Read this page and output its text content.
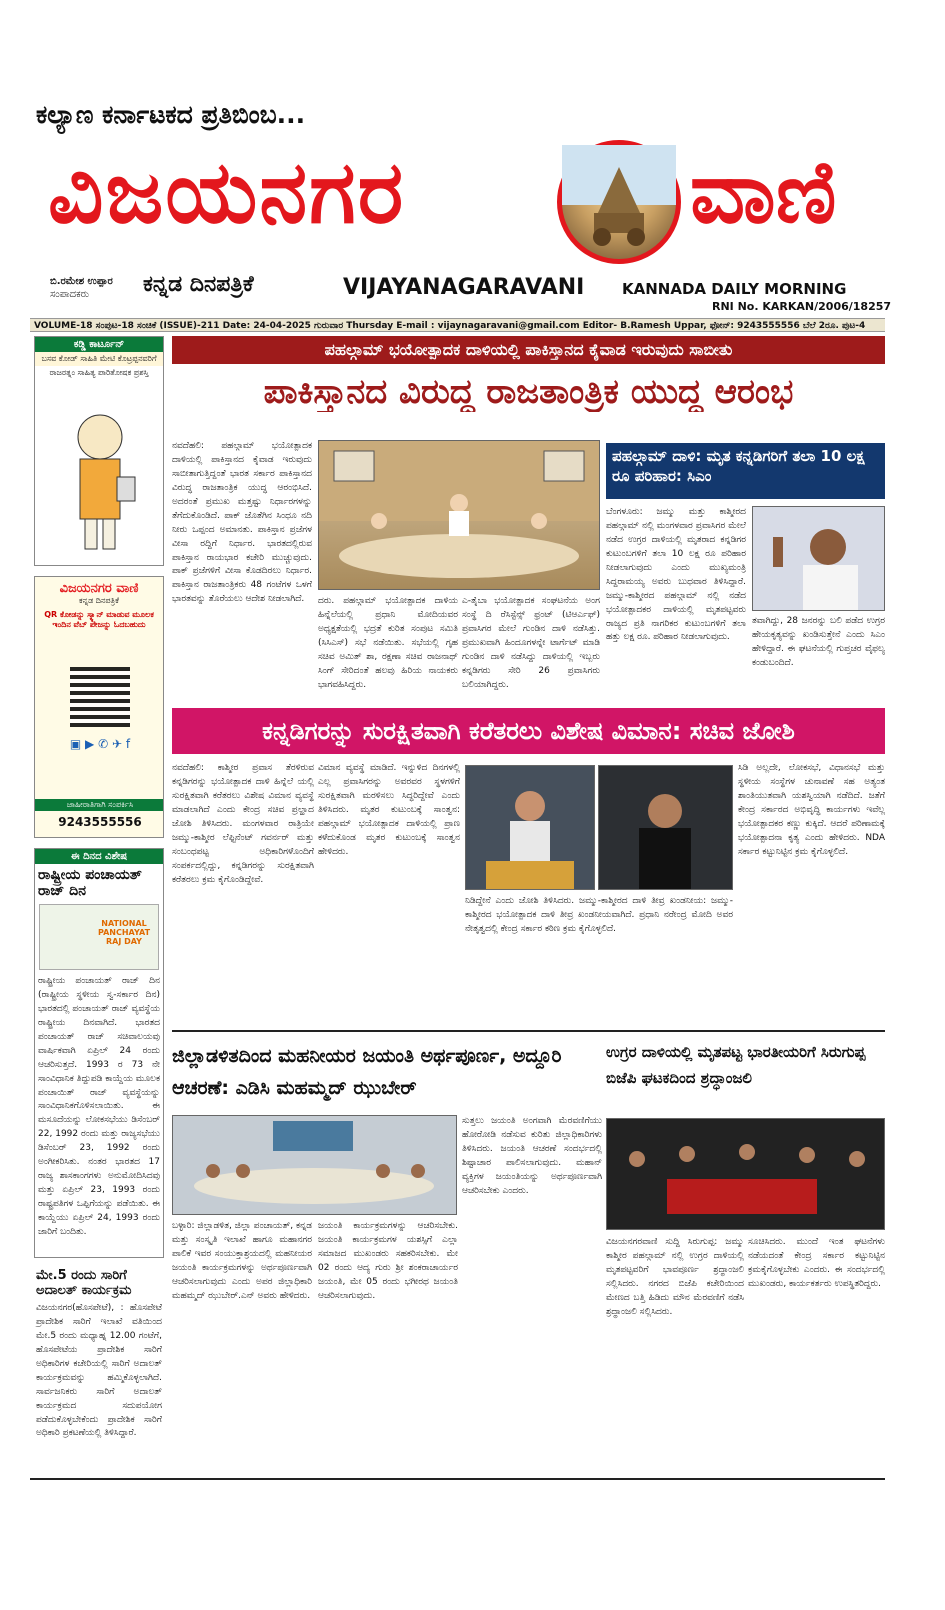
ಕಲ್ಯಾಣ ಕರ್ನಾಟಕದ ಪ್ರತಿಬಿಂಬ...
ವಿಜಯನಗರ	ವಾಣಿ
ಬಿ.ರಮೇಶ ಉಪ್ಪಾರ
ಸಂಪಾದಕರು	ಕನ್ನಡ ದಿನಪತ್ರಿಕೆ	VIJAYANAGARAVANI	KANNADA DAILY MORNING
RNI No. KARKAN/2006/18257
VOLUME-18 ಸಂಪುಟ-18 ಸಂಚಿಕೆ (ISSUE)-211 Date: 24-04-2025 ಗುರುವಾರ Thursday E-mail : vijaynagaravani@gmail.com Editor- B.Ramesh Uppar, ಫೋನ್: 9243555556 ಬೆಲೆ 2ರೂ. ಪುಟ-4
ಕಡ್ಡಿ ಕಾರ್ಟೂನ್
ಬಸವ ಕೋಡ್ ಸಾಹಿತಿ ಮೇಟಿ ಕೊಟ್ರಪ್ಪನವರಿಗೆ
ರಾಜರತ್ನಂ ಸಾಹಿತ್ಯ ಪಾರಿತೋಷಕ ಪ್ರಶಸ್ತಿ
ವಿಜಯನಗರ ವಾಣಿ
ಕನ್ನಡ ದಿನಪತ್ರಿಕೆ
QR ಕೋಡನ್ನು ಸ್ಕ್ಯಾನ್ ಮಾಡುವ ಮೂಲಕ ಇಂದಿನ ವೆಬ್ ಪೇಜನ್ನು ಓದಬಹುದು
▣ ▶ ✆ ✈ f
ಜಾಹೀರಾತಿಗಾಗಿ ಸಂಪರ್ಕಿಸಿ
9243555556
ಈ ದಿನದ ವಿಶೇಷ
ರಾಷ್ಟ್ರೀಯ ಪಂಚಾಯತ್ ರಾಜ್ ದಿನ
NATIONAL PANCHAYAT RAJ DAY
ರಾಷ್ಟ್ರೀಯ ಪಂಚಾಯತ್ ರಾಜ್ ದಿನ (ರಾಷ್ಟ್ರೀಯ ಸ್ಥಳೀಯ ಸ್ವ-ಸರ್ಕಾರ ದಿನ) ಭಾರತದಲ್ಲಿ ಪಂಚಾಯತ್ ರಾಜ್ ವ್ಯವಸ್ಥೆಯ ರಾಷ್ಟ್ರೀಯ ದಿನವಾಗಿದೆ. ಭಾರತದ ಪಂಚಾಯತ್ ರಾಜ್ ಸಚಿವಾಲಯವು ವಾರ್ಷಿಕವಾಗಿ ಏಪ್ರಿಲ್ 24 ರಂದು ಆಚರಿಸುತ್ತದೆ. 1993 ರ 73 ನೇ ಸಾಂವಿಧಾನಿಕ ತಿದ್ದುಪಡಿ ಕಾಯ್ದೆಯ ಮೂಲಕ ಪಂಚಾಯಿತ್ ರಾಜ್ ವ್ಯವಸ್ಥೆಯನ್ನು ಸಾಂವಿಧಾನಿಕಗೊಳಿಸಲಾಯಿತು. ಈ ಮಸೂದೆಯನ್ನು ಲೋಕಸಭೆಯು ಡಿಸೆಂಬರ್ 22, 1992 ರಂದು ಮತ್ತು ರಾಜ್ಯಸಭೆಯು ಡಿಸೆಂಬರ್ 23, 1992 ರಂದು ಅಂಗೀಕರಿಸಿತು. ನಂತರ ಭಾರತದ 17 ರಾಜ್ಯ ಶಾಸಕಾಂಗಗಳು ಅನುಮೋದಿಸಿದವು ಮತ್ತು ಏಪ್ರಿಲ್ 23, 1993 ರಂದು ರಾಷ್ಟ್ರಪತಿಗಳ ಒಪ್ಪಿಗೆಯನ್ನು ಪಡೆಯಿತು. ಈ ಕಾಯ್ದೆಯು ಏಪ್ರಿಲ್ 24, 1993 ರಂದು ಜಾರಿಗೆ ಬಂದಿತು.
ಮೇ.5 ರಂದು ಸಾರಿಗೆ ಅದಾಲತ್ ಕಾರ್ಯಕ್ರಮ
ವಿಜಯನಗರ(ಹೊಸಪೇಟೆ), : ಹೊಸಪೇಟೆ ಪ್ರಾದೇಶಿಕ ಸಾರಿಗೆ ಇಲಾಖೆ ವತಿಯಿಂದ ಮೇ.5 ರಂದು ಮಧ್ಯಾಹ್ನ 12.00 ಗಂಟೆಗೆ, ಹೊಸಪೇಟೆಯ ಪ್ರಾದೇಶಿಕ ಸಾರಿಗೆ ಅಧಿಕಾರಿಗಳ ಕಚೇರಿಯಲ್ಲಿ ಸಾರಿಗೆ ಅದಾಲತ್ ಕಾರ್ಯಕ್ರಮವನ್ನು ಹಮ್ಮಿಕೊಳ್ಳಲಾಗಿದೆ. ಸಾರ್ವಜನಿಕರು ಸಾರಿಗೆ ಅದಾಲತ್ ಕಾರ್ಯಕ್ರಮದ ಸದುಪಯೋಗ ಪಡೆದುಕೊಳ್ಳಬೇಕೆಂದು ಪ್ರಾದೇಶಿಕ ಸಾರಿಗೆ ಅಧಿಕಾರಿ ಪ್ರಕಟಣೆಯಲ್ಲಿ ತಿಳಿಸಿದ್ದಾರೆ.
ಪಹಲ್ಗಾಮ್ ಭಯೋತ್ಪಾದಕ ದಾಳಿಯಲ್ಲಿ ಪಾಕಿಸ್ತಾನದ ಕೈವಾಡ ಇರುವುದು ಸಾಬೀತು
ಪಾಕಿಸ್ತಾನದ ವಿರುದ್ಧ ರಾಜತಾಂತ್ರಿಕ ಯುದ್ಧ ಆರಂಭ
ನವದೆಹಲಿ: ಪಹಲ್ಗಾಮ್ ಭಯೋತ್ಪಾದಕ ದಾಳಿಯಲ್ಲಿ ಪಾಕಿಸ್ತಾನದ ಕೈವಾಡ ಇರುವುದು ಸಾಬೀತಾಗುತ್ತಿದ್ದಂತೆ ಭಾರತ ಸರ್ಕಾರ ಪಾಕಿಸ್ತಾನದ ವಿರುದ್ಧ ರಾಜತಾಂತ್ರಿಕ ಯುದ್ಧ ಆರಂಭಿಸಿದೆ. ಅದರಂತೆ ಪ್ರಮುಖ ಮತ್ತಷ್ಟು ನಿರ್ಧಾರಗಳನ್ನು ತೆಗೆದುಕೊಂಡಿದೆ. ಪಾಕ್ ಜೊತೆಗಿನ ಸಿಂಧೂ ನದಿ ನೀರು ಒಪ್ಪಂದ ಅಮಾನತು. ಪಾಕಿಸ್ತಾನ ಪ್ರಜೆಗಳ ವೀಸಾ ರದ್ದಿಗೆ ನಿರ್ಧಾರ. ಭಾರತದಲ್ಲಿರುವ ಪಾಕಿಸ್ತಾನ ರಾಯಭಾರ ಕಚೇರಿ ಮುಚ್ಚುವುದು. ಪಾಕ್ ಪ್ರಜೆಗಳಿಗೆ ವೀಸಾ ಕೊಡದಿರಲು ನಿರ್ಧಾರ. ಪಾಕಿಸ್ತಾನ ರಾಜತಾಂತ್ರಿಕರು 48 ಗಂಟೆಗಳ ಒಳಗೆ ಭಾರತವನ್ನು ತೊರೆಯಲು ಆದೇಶ ನೀಡಲಾಗಿದೆ.	ದರು. ಪಹಲ್ಗಾಮ್ ಭಯೋತ್ಪಾದಕ ದಾಳಿಯ ಹಿನ್ನೆಲೆಯಲ್ಲಿ ಪ್ರಧಾನಿ ಮೋದಿಯವರ ಅಧ್ಯಕ್ಷತೆಯಲ್ಲಿ ಭದ್ರತೆ ಕುರಿತ ಸಂಪುಟ ಸಮಿತಿ (ಸಿಸಿಎಸ್) ಸಭೆ ನಡೆಯಿತು. ಸಭೆಯಲ್ಲಿ ಗೃಹ ಸಚಿವ ಅಮಿತ್ ಶಾ, ರಕ್ಷಣಾ ಸಚಿವ ರಾಜನಾಥ್ ಸಿಂಗ್ ಸೇರಿದಂತೆ ಹಲವು ಹಿರಿಯ ನಾಯಕರು ಭಾಗವಹಿಸಿದ್ದರು.
ಎ-ತೈಬಾ ಭಯೋತ್ಪಾದಕ ಸಂಘಟನೆಯ ಅಂಗ ಸಂಸ್ಥೆ ದಿ ರೆಸಿಸ್ಟೆನ್ಸ್ ಫ್ರಂಟ್ (ಟಿಆರ್ಎಫ್) ಪ್ರವಾಸಿಗರ ಮೇಲೆ ಗುಂಡಿನ ದಾಳಿ ನಡೆಸಿತ್ತು. ಪ್ರಮುಖವಾಗಿ ಹಿಂದೂಗಳನ್ನೇ ಟಾರ್ಗೆಟ್ ಮಾಡಿ ಗುಂಡಿನ ದಾಳಿ ನಡೆಸಿದ್ದು ದಾಳಿಯಲ್ಲಿ ಇಬ್ಬರು ಕನ್ನಡಿಗರು ಸೇರಿ 26 ಪ್ರವಾಸಿಗರು ಬಲಿಯಾಗಿದ್ದರು.
ಪಹಲ್ಗಾಮ್ ದಾಳಿ: ಮೃತ ಕನ್ನಡಿಗರಿಗೆ ತಲಾ 10 ಲಕ್ಷ ರೂ ಪರಿಹಾರ: ಸಿಎಂ
ಬೆಂಗಳೂರು: ಜಮ್ಮು ಮತ್ತು ಕಾಶ್ಮೀರದ ಪಹಲ್ಗಾಮ್ ನಲ್ಲಿ ಮಂಗಳವಾರ ಪ್ರವಾಸಿಗರ ಮೇಲೆ ನಡೆದ ಉಗ್ರರ ದಾಳಿಯಲ್ಲಿ ಮೃತರಾದ ಕನ್ನಡಿಗರ ಕುಟುಂಬಗಳಿಗೆ ತಲಾ 10 ಲಕ್ಷ ರೂ ಪರಿಹಾರ ನೀಡಲಾಗುವುದು ಎಂದು ಮುಖ್ಯಮಂತ್ರಿ ಸಿದ್ದರಾಮಯ್ಯ ಅವರು ಬುಧವಾರ ತಿಳಿಸಿದ್ದಾರೆ. ಜಮ್ಮು-ಕಾಶ್ಮೀರದ ಪಹಲ್ಗಾಮ್ ನಲ್ಲಿ ನಡೆದ ಭಯೋತ್ಪಾದಕರ ದಾಳಿಯಲ್ಲಿ ಮೃತಪಟ್ಟವರು ರಾಜ್ಯದ ಪ್ರತಿ ನಾಗರಿಕರ ಕುಟುಂಬಗಳಿಗೆ ತಲಾ ಹತ್ತು ಲಕ್ಷ ರೂ. ಪರಿಹಾರ ನೀಡಲಾಗುವುದು.
ತವಾಗಿದ್ದು, 28 ಜನರನ್ನು ಬಲಿ ಪಡೆದ ಉಗ್ರರ ಹೇಯಕೃತ್ಯವನ್ನು ಖಂಡಿಸುತ್ತೇನೆ ಎಂದು ಸಿಎಂ ಹೇಳಿದ್ದಾರೆ. ಈ ಘಟನೆಯಲ್ಲಿ ಗುಪ್ತಚರ ವೈಫಲ್ಯ ಕಂಡುಬಂದಿದೆ.
ಕನ್ನಡಿಗರನ್ನು ಸುರಕ್ಷಿತವಾಗಿ ಕರೆತರಲು ವಿಶೇಷ ವಿಮಾನ: ಸಚಿವ ಜೋಶಿ
ನವದೆಹಲಿ: ಕಾಶ್ಮೀರ ಪ್ರವಾಸ ತೆರಳಿರುವ ಕನ್ನಡಿಗರನ್ನು ಭಯೋತ್ಪಾದಕ ದಾಳಿ ಹಿನ್ನೆಲೆ ಯಲ್ಲಿ ಸುರಕ್ಷಿತವಾಗಿ ಕರೆತರಲು ವಿಶೇಷ ವಿಮಾನ ವ್ಯವಸ್ಥೆ ಮಾಡಲಾಗಿದೆ ಎಂದು ಕೇಂದ್ರ ಸಚಿವ ಪ್ರಲ್ಹಾದ ಜೋಶಿ ತಿಳಿಸಿದರು. ಮಂಗಳವಾರ ರಾತ್ರಿಯೇ ಜಮ್ಮು-ಕಾಶ್ಮೀರ ಲೆಫ್ಟಿನೆಂಟ್ ಗವರ್ನರ್ ಮತ್ತು ಸಂಬಂಧಪಟ್ಟ ಅಧಿಕಾರಿಗಳೊಂದಿಗೆ ಸಂಪರ್ಕದಲ್ಲಿದ್ದು, ಕನ್ನಡಿಗರನ್ನು ಸುರಕ್ಷಿತವಾಗಿ ಕರೆತರಲು ಕ್ರಮ ಕೈಗೊಂಡಿದ್ದೇವೆ.
ವಿಮಾನ ವ್ಯವಸ್ಥೆ ಮಾಡಿದೆ. ಇನ್ನುಳಿದ ದಿನಗಳಲ್ಲಿ ಎಲ್ಲ ಪ್ರವಾಸಿಗರನ್ನು ಅವರವರ ಸ್ಥಳಗಳಿಗೆ ಸುರಕ್ಷಿತವಾಗಿ ಮರಳಿಸಲು ಸಿದ್ಧರಿದ್ದೇವೆ ಎಂದು ತಿಳಿಸಿದರು. ಮೃತರ ಕುಟುಂಬಕ್ಕೆ ಸಾಂತ್ವನ: ಪಹಲ್ಗಾಮ್ ಭಯೋತ್ಪಾದಕ ದಾಳಿಯಲ್ಲಿ ಪ್ರಾಣ ಕಳೆದುಕೊಂಡ ಮೃತರ ಕುಟುಂಬಕ್ಕೆ ಸಾಂತ್ವನ ಹೇಳಿದರು.
ನಿಡಿದ್ದೇನೆ ಎಂದು ಜೋಶಿ ತಿಳಿಸಿದರು. ಜಮ್ಮು-ಕಾಶ್ಮೀರದ ದಾಳಿ ತೀವ್ರ ಖಂಡನೀಯ: ಜಮ್ಮು-ಕಾಶ್ಮೀರದ ಭಯೋತ್ಪಾದಕ ದಾಳಿ ತೀವ್ರ ಖಂಡನೀಯವಾಗಿದೆ. ಪ್ರಧಾನಿ ನರೇಂದ್ರ ಮೋದಿ ಅವರ ನೇತೃತ್ವದಲ್ಲಿ ಕೇಂದ್ರ ಸರ್ಕಾರ ಕಠಿಣ ಕ್ರಮ ಕೈಗೊಳ್ಳಲಿದೆ.
ಸಿಡಿ ಅಲ್ಲದೇ, ಲೋಕಸಭೆ, ವಿಧಾನಸಭೆ ಮತ್ತು ಸ್ಥಳೀಯ ಸಂಸ್ಥೆಗಳ ಚುನಾವಣೆ ಸಹ ಅತ್ಯಂತ ಶಾಂತಿಯುತವಾಗಿ ಯಶಸ್ವಿಯಾಗಿ ನಡೆದಿದೆ. ಜತೆಗೆ ಕೇಂದ್ರ ಸರ್ಕಾರದ ಅಭಿವೃದ್ಧಿ ಕಾರ್ಯಗಳು ಇವೆಲ್ಲ ಭಯೋತ್ಪಾದಕರ ಕಣ್ಣು ಕುಕ್ಕಿದೆ. ಆದರೆ ಪರಿಣಾಮಕ್ಕೆ ಭಯೋತ್ಪಾದನಾ ಕೃತ್ಯ ಎಂದು ಹೇಳಿದರು. NDA ಸರ್ಕಾರ ಕಟ್ಟುನಿಟ್ಟಿನ ಕ್ರಮ ಕೈಗೊಳ್ಳಲಿದೆ.
ಜಿಲ್ಲಾಡಳಿತದಿಂದ ಮಹನೀಯರ ಜಯಂತಿ ಅರ್ಥಪೂರ್ಣ, ಅದ್ದೂರಿ ಆಚರಣೆ: ಎಡಿಸಿ ಮಹಮ್ಮದ್ ಝುಬೇರ್
ಬಳ್ಳಾರಿ: ಜಿಲ್ಲಾಡಳಿತ, ಜಿಲ್ಲಾ ಪಂಚಾಯತ್, ಕನ್ನಡ ಮತ್ತು ಸಂಸ್ಕೃತಿ ಇಲಾಖೆ ಹಾಗೂ ಮಹಾನಗರ ಪಾಲಿಕೆ ಇವರ ಸಂಯುಕ್ತಾಶ್ರಯದಲ್ಲಿ ಮಹನೀಯರ ಜಯಂತಿ ಕಾರ್ಯಕ್ರಮಗಳನ್ನು ಅರ್ಥಪೂರ್ಣವಾಗಿ ಆಚರಿಸಲಾಗುವುದು ಎಂದು ಅಪರ ಜಿಲ್ಲಾಧಿಕಾರಿ ಮಹಮ್ಮದ್ ಝುಬೇರ್.ಎನ್ ಅವರು ಹೇಳಿದರು.
ಜಯಂತಿ ಕಾರ್ಯಕ್ರಮಗಳನ್ನು ಆಚರಿಸಬೇಕು. ಜಯಂತಿ ಕಾರ್ಯಕ್ರಮಗಳ ಯಶಸ್ಸಿಗೆ ಎಲ್ಲಾ ಸಮಾಜದ ಮುಖಂಡರು ಸಹಕರಿಸಬೇಕು. ಮೇ 02 ರಂದು ಆದ್ಯ ಗುರು ಶ್ರೀ ಶಂಕರಾಚಾರ್ಯರ ಜಯಂತಿ, ಮೇ 05 ರಂದು ಭಗೀರಥ ಜಯಂತಿ ಆಚರಿಸಲಾಗುವುದು.
ಸುತ್ತಲು ಜಯಂತಿ ಅಂಗವಾಗಿ ಮೆರವಣಿಗೆಯು ಹೋರೋಡಿ ನಡೆಸುವ ಕುರಿತು ಜಿಲ್ಲಾಧಿಕಾರಿಗಳು ತಿಳಿಸಿದರು. ಜಯಂತಿ ಆಚರಣೆ ಸಂದರ್ಭದಲ್ಲಿ ಶಿಷ್ಟಾಚಾರ ಪಾಲಿಸಲಾಗುವುದು. ಮಹಾನ್ ವ್ಯಕ್ತಿಗಳ ಜಯಂತಿಯನ್ನು ಅರ್ಥಪೂರ್ಣವಾಗಿ ಆಚರಿಸಬೇಕು ಎಂದರು.
ಉಗ್ರರ ದಾಳಿಯಲ್ಲಿ ಮೃತಪಟ್ಟ ಭಾರತೀಯರಿಗೆ ಸಿರುಗುಪ್ಪ ಬಿಜೆಪಿ ಘಟಕದಿಂದ ಶ್ರದ್ಧಾಂಜಲಿ
ವಿಜಯನಗರವಾಣಿ ಸುದ್ದಿ ಸಿರುಗುಪ್ಪ: ಜಮ್ಮು ಕಾಶ್ಮೀರ ಪಹಲ್ಗಾಮ್ ನಲ್ಲಿ ಉಗ್ರರ ದಾಳಿಯಲ್ಲಿ ಮೃತಪಟ್ಟವರಿಗೆ ಭಾವಪೂರ್ಣ ಶ್ರದ್ಧಾಂಜಲಿ ಸಲ್ಲಿಸಿದರು. ನಗರದ ಬಿಜೆಪಿ ಕಚೇರಿಯಿಂದ ಮೇಣದ ಬತ್ತಿ ಹಿಡಿದು ಮೌನ ಮೆರವಣಿಗೆ ನಡೆಸಿ ಶ್ರದ್ಧಾಂಜಲಿ ಸಲ್ಲಿಸಿದರು.
ಸೂಚಿಸಿದರು. ಮುಂದೆ ಇಂತ ಘಟನೆಗಳು ನಡೆಯದಂತೆ ಕೇಂದ್ರ ಸರ್ಕಾರ ಕಟ್ಟುನಿಟ್ಟಿನ ಕ್ರಮಕೈಗೊಳ್ಳಬೇಕು ಎಂದರು. ಈ ಸಂದರ್ಭದಲ್ಲಿ ಮುಖಂಡರು, ಕಾರ್ಯಕರ್ತರು ಉಪಸ್ಥಿತರಿದ್ದರು.
